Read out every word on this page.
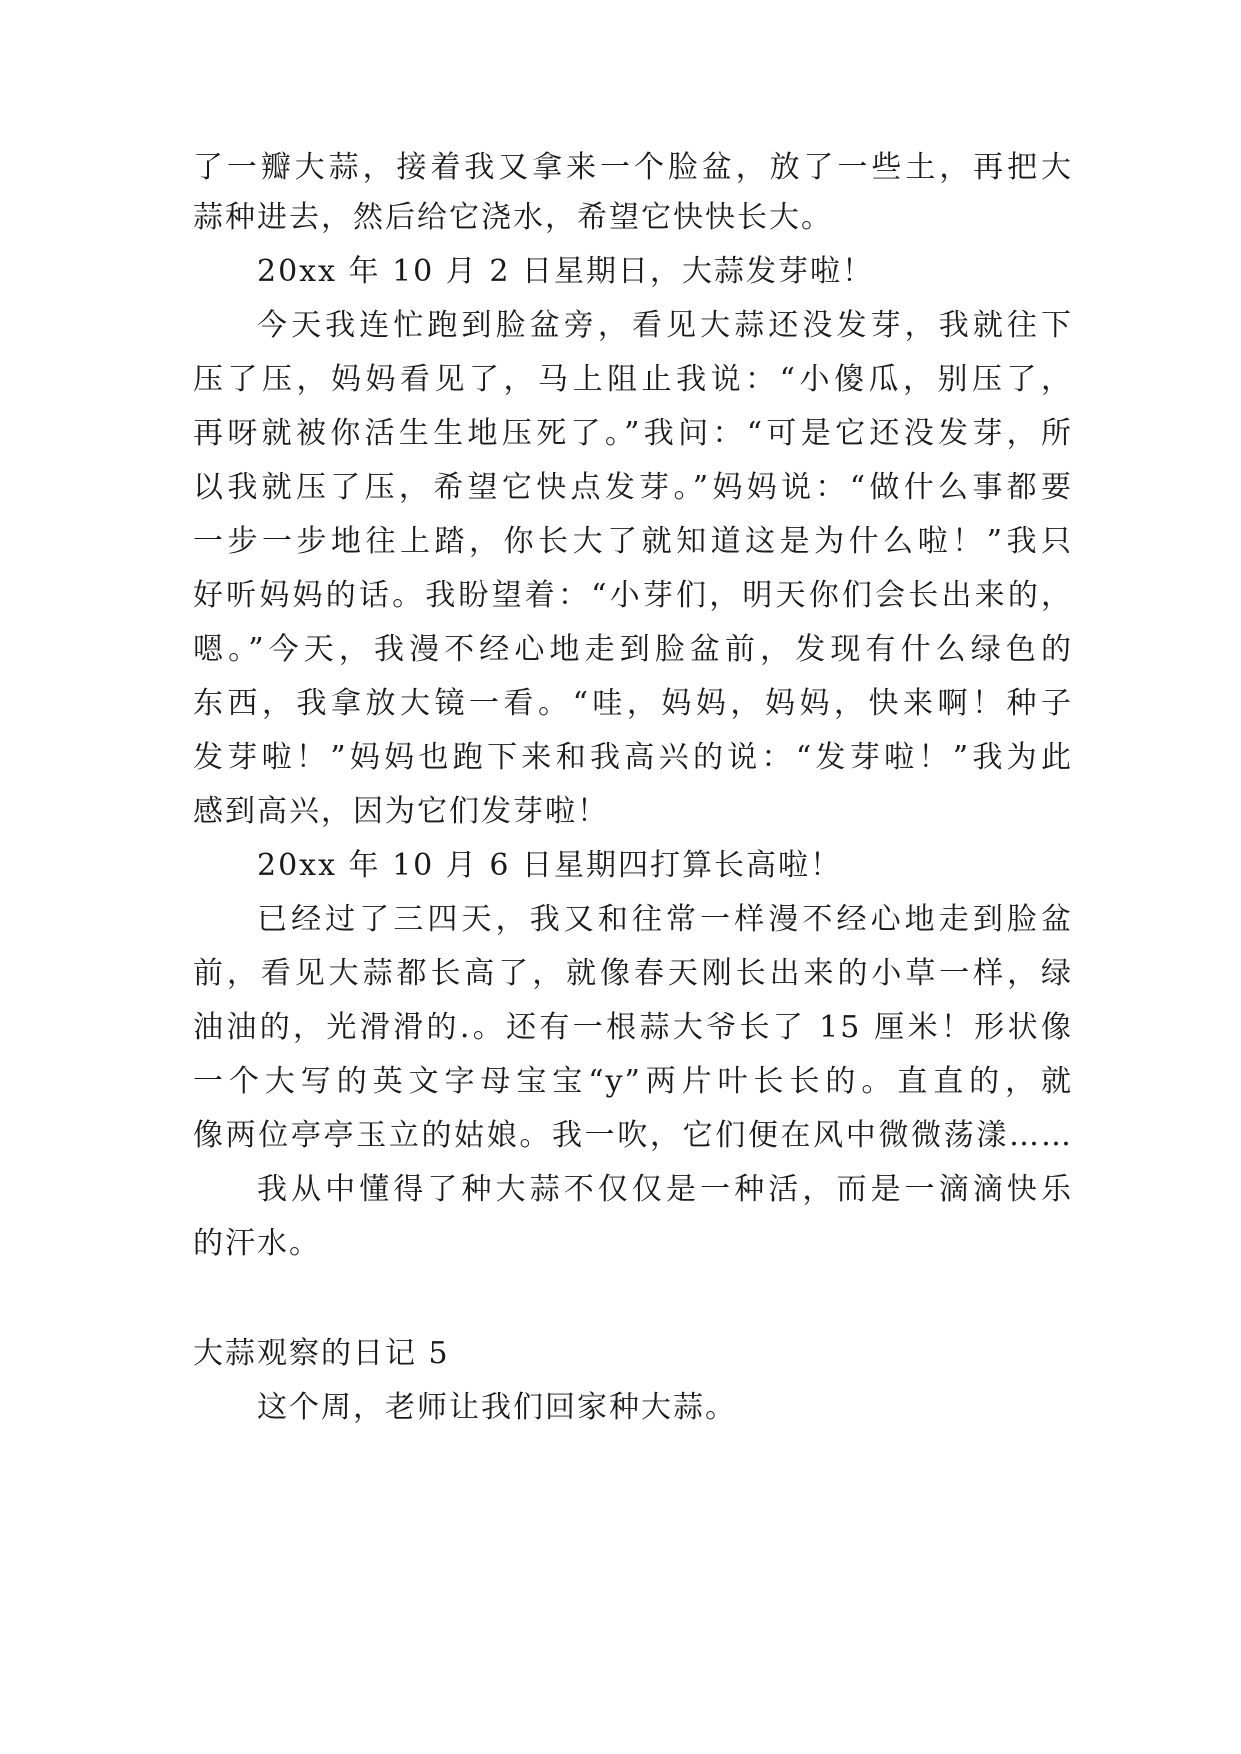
了一瓣大蒜，接着我又拿来一个脸盆，放了一些土，再把大
蒜种进去，然后给它浇水，希望它快快长大。
20xx 年 10 月 2 日星期日，大蒜发芽啦！
今天我连忙跑到脸盆旁，看见大蒜还没发芽，我就往下
压了压，妈妈看见了，马上阻止我说：“小傻瓜，别压了，
再呀就被你活生生地压死了。”我问：“可是它还没发芽，所
以我就压了压，希望它快点发芽。”妈妈说：“做什么事都要
一步一步地往上踏，你长大了就知道这是为什么啦！”我只
好听妈妈的话。我盼望着：“小芽们，明天你们会长出来的，
嗯。”今天，我漫不经心地走到脸盆前，发现有什么绿色的
东西，我拿放大镜一看。“哇，妈妈，妈妈，快来啊！种子
发芽啦！”妈妈也跑下来和我高兴的说：“发芽啦！”我为此
感到高兴，因为它们发芽啦！
20xx 年 10 月 6 日星期四打算长高啦！
已经过了三四天，我又和往常一样漫不经心地走到脸盆
前，看见大蒜都长高了，就像春天刚长出来的小草一样，绿
油油的，光滑滑的.。还有一根蒜大爷长了 15 厘米！形状像
一个大写的英文字母宝宝“y”两片叶长长的。直直的，就
像两位亭亭玉立的姑娘。我一吹，它们便在风中微微荡漾……
我从中懂得了种大蒜不仅仅是一种活，而是一滴滴快乐
的汗水。
大蒜观察的日记 5
这个周，老师让我们回家种大蒜。
